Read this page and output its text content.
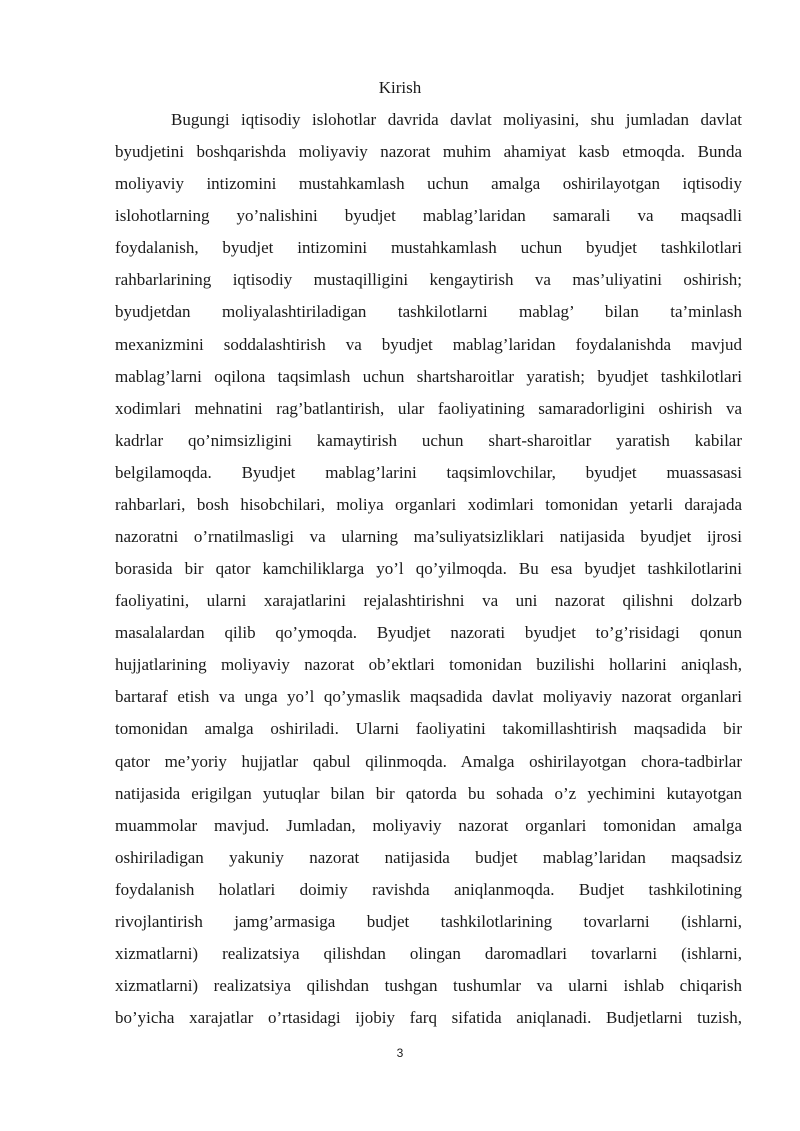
Kirish
Bugungi iqtisodiy islohotlar davrida davlat moliyasini, shu jumladan davlat
byudjetini boshqarishda moliyaviy nazorat muhim ahamiyat kasb etmoqda. Bunda
moliyaviy intizomini mustahkamlash uchun amalga oshirilayotgan iqtisodiy
islohotlarning yo’nalishini byudjet mablag’laridan samarali va maqsadli
foydalanish, byudjet intizomini mustahkamlash uchun byudjet tashkilotlari
rahbarlarining iqtisodiy mustaqilligini kengaytirish va mas’uliyatini oshirish;
byudjetdan moliyalashtiriladigan tashkilotlarni mablag’ bilan ta’minlash
mexanizmini soddalashtirish va byudjet mablag’laridan foydalanishda mavjud
mablag’larni oqilona taqsimlash uchun shartsharoitlar yaratish; byudjet tashkilotlari
xodimlari mehnatini rag’batlantirish, ular faoliyatining samaradorligini oshirish va
kadrlar qo’nimsizligini kamaytirish uchun shart-sharoitlar yaratish kabilar
belgilamoqda. Byudjet mablag’larini taqsimlovchilar, byudjet muassasasi
rahbarlari, bosh hisobchilari, moliya organlari xodimlari tomonidan yetarli darajada
nazoratni o’rnatilmasligi va ularning ma’suliyatsizliklari natijasida byudjet ijrosi
borasida bir qator kamchiliklarga yo’l qo’yilmoqda. Bu esa byudjet tashkilotlarini
faoliyatini, ularni xarajatlarini rejalashtirishni va uni nazorat qilishni dolzarb
masalalardan qilib qo’ymoqda. Byudjet nazorati byudjet to’g’risidagi qonun
hujjatlarining moliyaviy nazorat ob’ektlari tomonidan buzilishi hollarini aniqlash,
bartaraf etish va unga yo’l qo’ymaslik maqsadida davlat moliyaviy nazorat organlari
tomonidan amalga oshiriladi. Ularni faoliyatini takomillashtirish maqsadida bir
qator me’yoriy hujjatlar qabul qilinmoqda. Amalga oshirilayotgan chora-tadbirlar
natijasida erigilgan yutuqlar bilan bir qatorda bu sohada o’z yechimini kutayotgan
muammolar mavjud. Jumladan, moliyaviy nazorat organlari tomonidan amalga
oshiriladigan yakuniy nazorat natijasida budjet mablag’laridan maqsadsiz
foydalanish holatlari doimiy ravishda aniqlanmoqda. Budjet tashkilotining
rivojlantirish jamg’armasiga budjet tashkilotlarining tovarlarni (ishlarni,
xizmatlarni) realizatsiya qilishdan olingan daromadlari tovarlarni (ishlarni,
xizmatlarni) realizatsiya qilishdan tushgan tushumlar va ularni ishlab chiqarish
bo’yicha xarajatlar o’rtasidagi ijobiy farq sifatida aniqlanadi. Budjetlarni tuzish,
3
